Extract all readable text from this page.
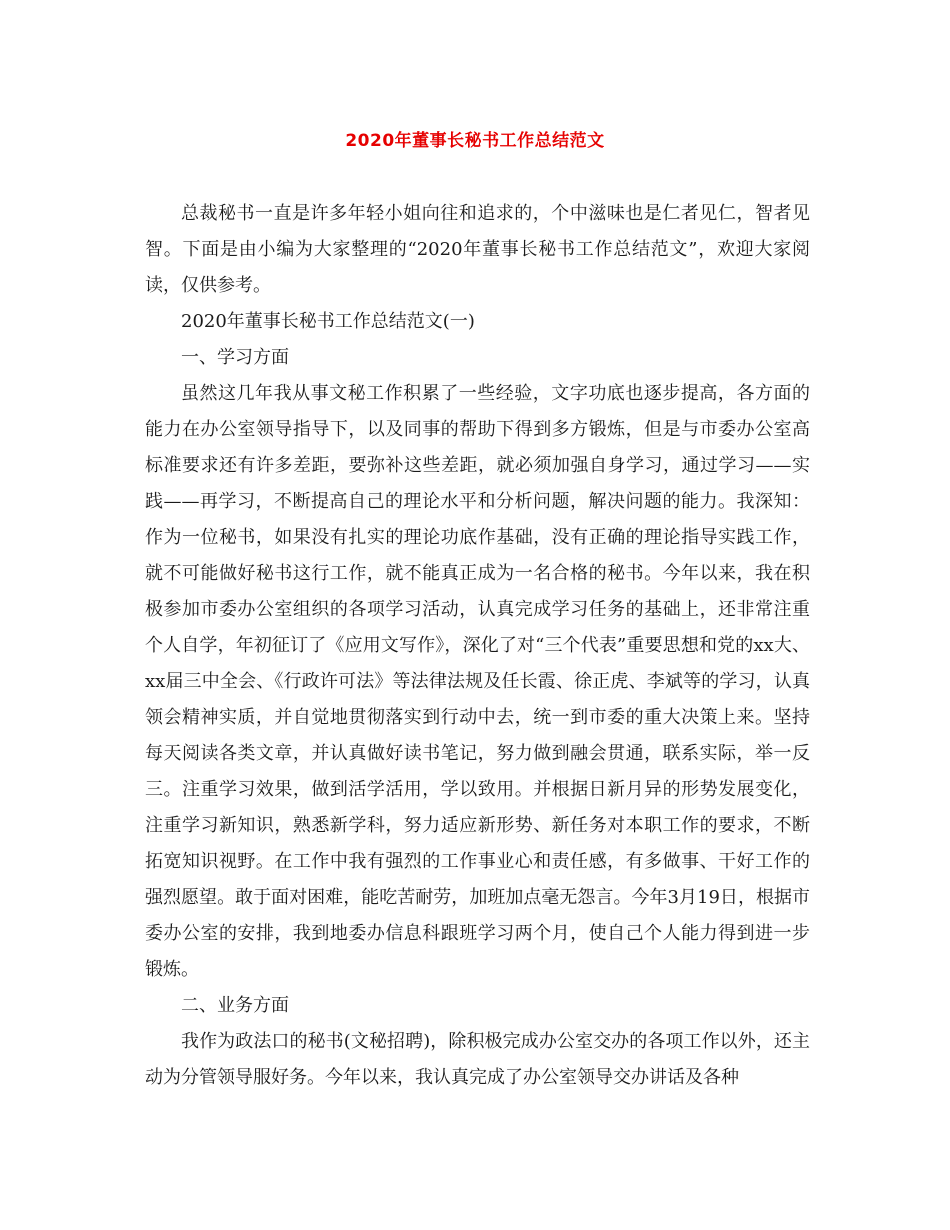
2020年董事长秘书工作总结范文

总裁秘书一直是许多年轻小姐向往和追求的，个中滋味也是仁者见仁，智者见智。下面是由小编为大家整理的“2020年董事长秘书工作总结范文”，欢迎大家阅读，仅供参考。

2020年董事长秘书工作总结范文(一)

一、学习方面

虽然这几年我从事文秘工作积累了一些经验，文字功底也逐步提高，各方面的能力在办公室领导指导下，以及同事的帮助下得到多方锻炼，但是与市委办公室高标准要求还有许多差距，要弥补这些差距，就必须加强自身学习，通过学习——实践——再学习，不断提高自己的理论水平和分析问题，解决问题的能力。我深知：作为一位秘书，如果没有扎实的理论功底作基础，没有正确的理论指导实践工作，就不可能做好秘书这行工作，就不能真正成为一名合格的秘书。今年以来，我在积极参加市委办公室组织的各项学习活动，认真完成学习任务的基础上，还非常注重个人自学，年初征订了《应用文写作》，深化了对“三个代表”重要思想和党的xx大、xx届三中全会、《行政许可法》等法律法规及任长霞、徐正虎、李斌等的学习，认真领会精神实质，并自觉地贯彻落实到行动中去，统一到市委的重大决策上来。坚持每天阅读各类文章，并认真做好读书笔记，努力做到融会贯通，联系实际，举一反三。注重学习效果，做到活学活用，学以致用。并根据日新月异的形势发展变化，注重学习新知识，熟悉新学科，努力适应新形势、新任务对本职工作的要求，不断拓宽知识视野。在工作中我有强烈的工作事业心和责任感，有多做事、干好工作的强烈愿望。敢于面对困难，能吃苦耐劳，加班加点毫无怨言。今年3月19日，根据市委办公室的安排，我到地委办信息科跟班学习两个月，使自己个人能力得到进一步锻炼。

二、业务方面

我作为政法口的秘书(文秘招聘)，除积极完成办公室交办的各项工作以外，还主动为分管领导服好务。今年以来，我认真完成了办公室领导交办讲话及各种
